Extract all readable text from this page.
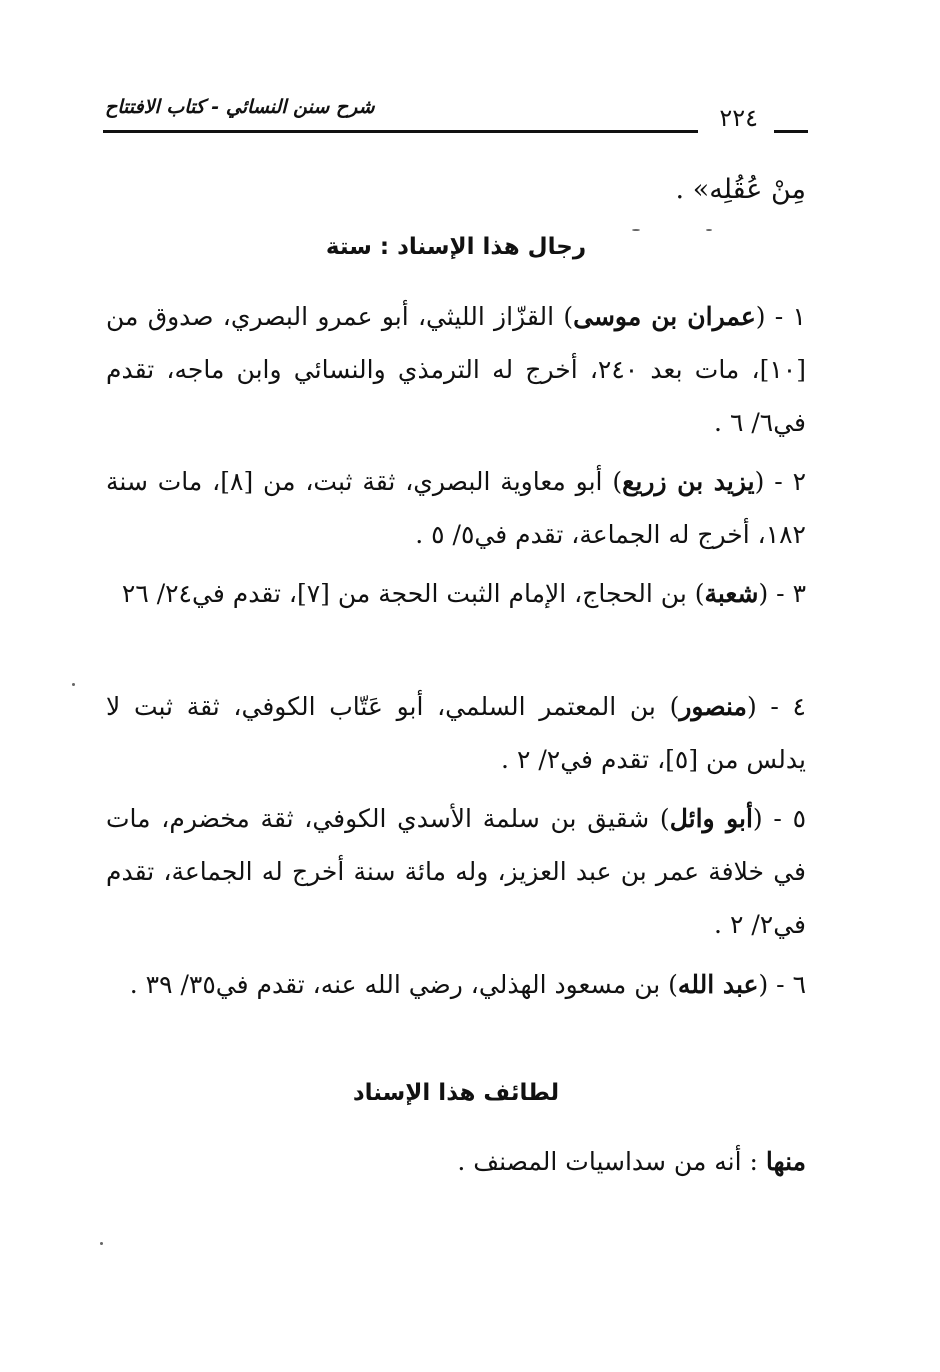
شرح سنن النسائي - كتاب الافتتاح	٢٢٤

مِنْ عُقُلِه» .

رجال هذا الإسناد : ستة

١ - (عمران بن موسى) القزّاز الليثي، أبو عمرو البصري، صدوق من [١٠]، مات بعد ٢٤٠، أخرج له الترمذي والنسائي وابن ماجه، تقدم في٦/ ٦ .

٢ - (يزيد بن زريع) أبو معاوية البصري، ثقة ثبت، من [٨]، مات سنة ١٨٢، أخرج له الجماعة، تقدم في٥/ ٥ .

٣ - (شعبة) بن الحجاج، الإمام الثبت الحجة من [٧]، تقدم في٢٤/ ٢٦

٤ - (منصور) بن المعتمر السلمي، أبو عَتّاب الكوفي، ثقة ثبت لا يدلس من [٥]، تقدم في٢/ ٢ .

٥ - (أبو وائل) شقيق بن سلمة الأسدي الكوفي، ثقة مخضرم، مات في خلافة عمر بن عبد العزيز، وله مائة سنة أخرج له الجماعة، تقدم في٢/ ٢ .

٦ - (عبد الله) بن مسعود الهذلي، رضي الله عنه، تقدم في٣٥/ ٣٩ .

لطائف هذا الإسناد

منها : أنه من سداسيات المصنف .
